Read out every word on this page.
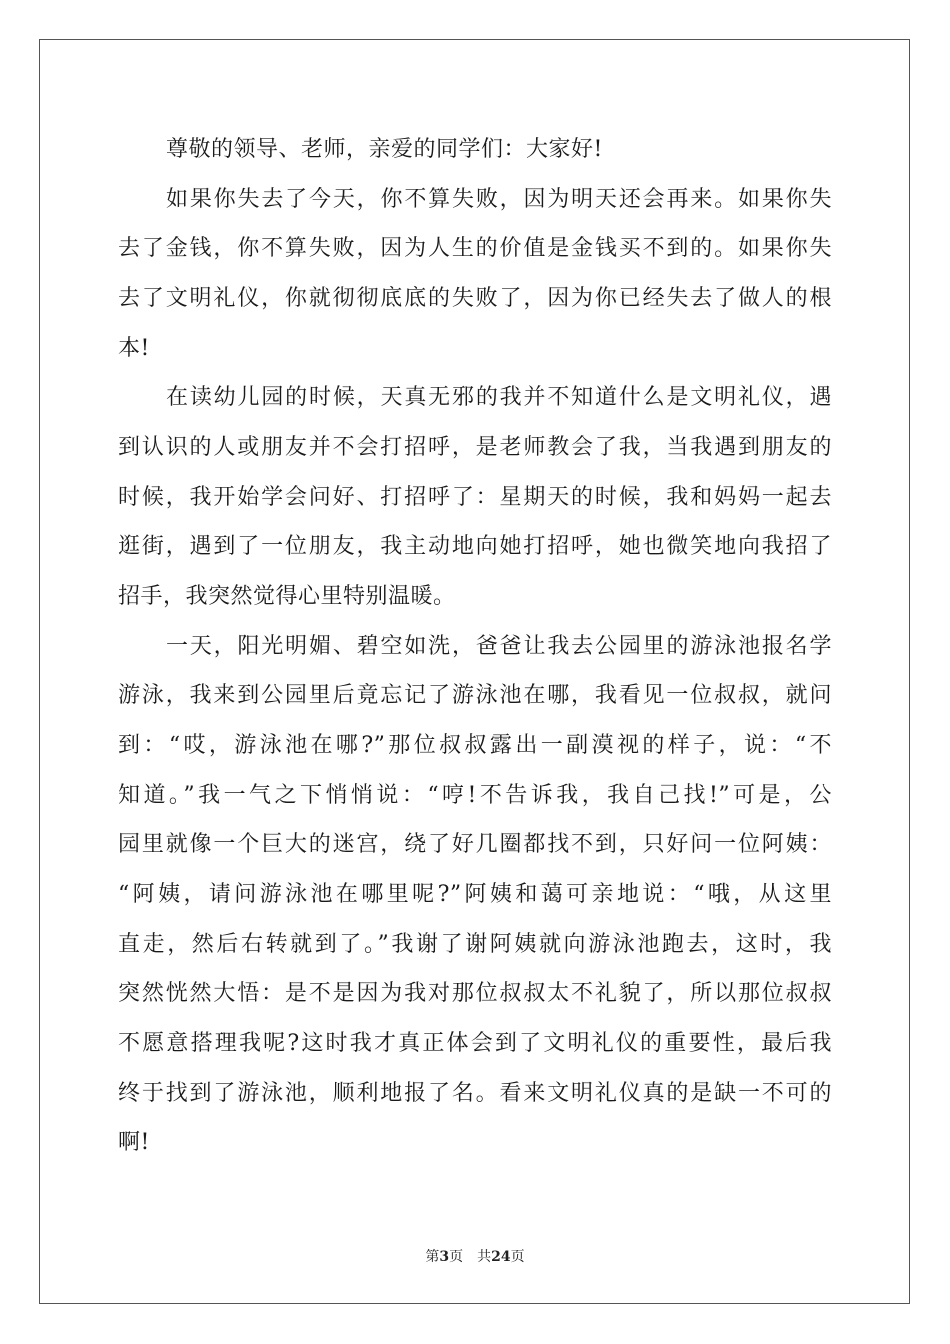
尊敬的领导、老师，亲爱的同学们：大家好!
如果你失去了今天，你不算失败，因为明天还会再来。如果你失
去了金钱，你不算失败，因为人生的价值是金钱买不到的。如果你失
去了文明礼仪，你就彻彻底底的失败了，因为你已经失去了做人的根
本!
在读幼儿园的时候，天真无邪的我并不知道什么是文明礼仪，遇
到认识的人或朋友并不会打招呼，是老师教会了我，当我遇到朋友的
时候，我开始学会问好、打招呼了：星期天的时候，我和妈妈一起去
逛街，遇到了一位朋友，我主动地向她打招呼，她也微笑地向我招了
招手，我突然觉得心里特别温暖。
一天，阳光明媚、碧空如洗，爸爸让我去公园里的游泳池报名学
游泳，我来到公园里后竟忘记了游泳池在哪，我看见一位叔叔，就问
到：“哎，游泳池在哪?”那位叔叔露出一副漠视的样子，说：“不
知道。”我一气之下悄悄说：“哼!不告诉我，我自己找!”可是，公
园里就像一个巨大的迷宫，绕了好几圈都找不到，只好问一位阿姨：
“阿姨，请问游泳池在哪里呢?”阿姨和蔼可亲地说：“哦，从这里
直走，然后右转就到了。”我谢了谢阿姨就向游泳池跑去，这时，我
突然恍然大悟：是不是因为我对那位叔叔太不礼貌了，所以那位叔叔
不愿意搭理我呢?这时我才真正体会到了文明礼仪的重要性，最后我
终于找到了游泳池，顺利地报了名。看来文明礼仪真的是缺一不可的
啊!
第3页 共24页
